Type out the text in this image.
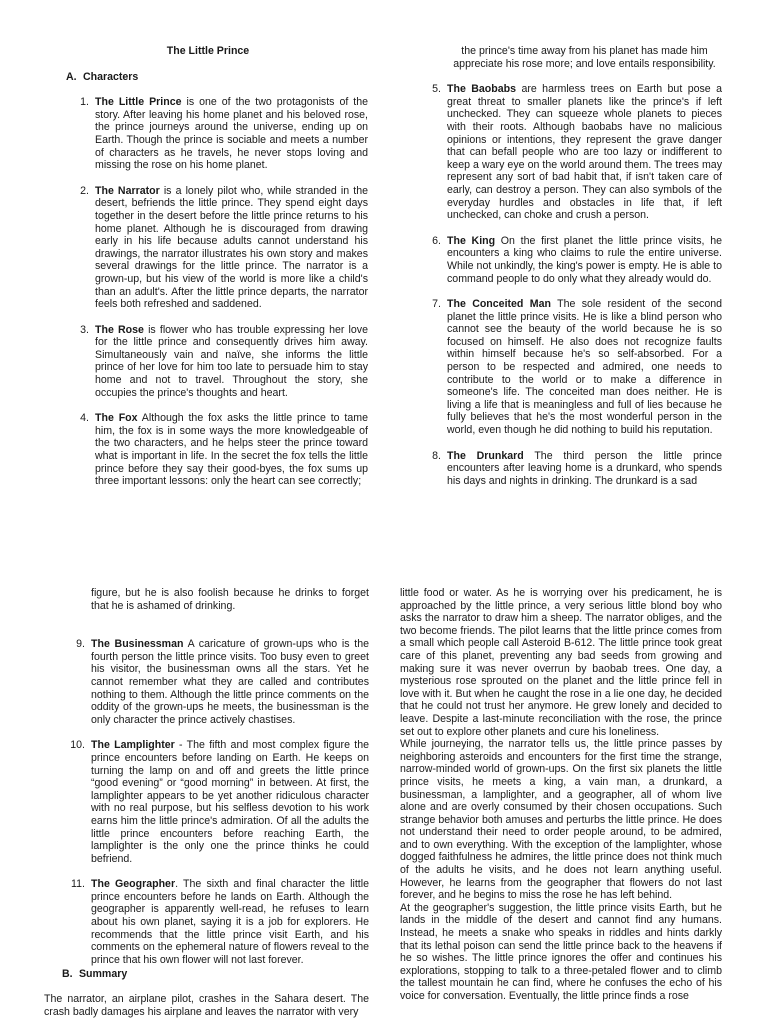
The Little Prince
A. Characters
1. The Little Prince is one of the two protagonists of the story. After leaving his home planet and his beloved rose, the prince journeys around the universe, ending up on Earth. Though the prince is sociable and meets a number of characters as he travels, he never stops loving and missing the rose on his home planet.
2. The Narrator is a lonely pilot who, while stranded in the desert, befriends the little prince. They spend eight days together in the desert before the little prince returns to his home planet. Although he is discouraged from drawing early in his life because adults cannot understand his drawings, the narrator illustrates his own story and makes several drawings for the little prince. The narrator is a grown-up, but his view of the world is more like a child's than an adult's. After the little prince departs, the narrator feels both refreshed and saddened.
3. The Rose is flower who has trouble expressing her love for the little prince and consequently drives him away. Simultaneously vain and naïve, she informs the little prince of her love for him too late to persuade him to stay home and not to travel. Throughout the story, she occupies the prince's thoughts and heart.
4. The Fox Although the fox asks the little prince to tame him, the fox is in some ways the more knowledgeable of the two characters, and he helps steer the prince toward what is important in life. In the secret the fox tells the little prince before they say their good-byes, the fox sums up three important lessons: only the heart can see correctly;
the prince's time away from his planet has made him appreciate his rose more; and love entails responsibility.
5. The Baobabs are harmless trees on Earth but pose a great threat to smaller planets like the prince's if left unchecked. They can squeeze whole planets to pieces with their roots. Although baobabs have no malicious opinions or intentions, they represent the grave danger that can befall people who are too lazy or indifferent to keep a wary eye on the world around them. The trees may represent any sort of bad habit that, if isn't taken care of early, can destroy a person. They can also symbols of the everyday hurdles and obstacles in life that, if left unchecked, can choke and crush a person.
6. The King On the first planet the little prince visits, he encounters a king who claims to rule the entire universe. While not unkindly, the king's power is empty. He is able to command people to do only what they already would do.
7. The Conceited Man The sole resident of the second planet the little prince visits. He is like a blind person who cannot see the beauty of the world because he is so focused on himself. He also does not recognize faults within himself because he's so self-absorbed. For a person to be respected and admired, one needs to contribute to the world or to make a difference in someone's life. The conceited man does neither. He is living a life that is meaningless and full of lies because he fully believes that he's the most wonderful person in the world, even though he did nothing to build his reputation.
8. The Drunkard The third person the little prince encounters after leaving home is a drunkard, who spends his days and nights in drinking. The drunkard is a sad
figure, but he is also foolish because he drinks to forget that he is ashamed of drinking.
9. The Businessman A caricature of grown-ups who is the fourth person the little prince visits. Too busy even to greet his visitor, the businessman owns all the stars. Yet he cannot remember what they are called and contributes nothing to them. Although the little prince comments on the oddity of the grown-ups he meets, the businessman is the only character the prince actively chastises.
10. The Lamplighter - The fifth and most complex figure the prince encounters before landing on Earth. He keeps on turning the lamp on and off and greets the little prince “good evening” or “good morning” in between. At first, the lamplighter appears to be yet another ridiculous character with no real purpose, but his selfless devotion to his work earns him the little prince's admiration. Of all the adults the little prince encounters before reaching Earth, the lamplighter is the only one the prince thinks he could befriend.
11. The Geographer. The sixth and final character the little prince encounters before he lands on Earth. Although the geographer is apparently well-read, he refuses to learn about his own planet, saying it is a job for explorers. He recommends that the little prince visit Earth, and his comments on the ephemeral nature of flowers reveal to the prince that his own flower will not last forever.
B. Summary

The narrator, an airplane pilot, crashes in the Sahara desert. The crash badly damages his airplane and leaves the narrator with very

little food or water. As he is worrying over his predicament, he is approached by the little prince, a very serious little blond boy who asks the narrator to draw him a sheep. The narrator obliges, and the two become friends. The pilot learns that the little prince comes from a small which people call Asteroid B-612. The little prince took great care of this planet, preventing any bad seeds from growing and making sure it was never overrun by baobab trees. One day, a mysterious rose sprouted on the planet and the little prince fell in love with it. But when he caught the rose in a lie one day, he decided that he could not trust her anymore. He grew lonely and decided to leave. Despite a last-minute reconciliation with the rose, the prince set out to explore other planets and cure his loneliness.

While journeying, the narrator tells us, the little prince passes by neighboring asteroids and encounters for the first time the strange, narrow-minded world of grown-ups. On the first six planets the little prince visits, he meets a king, a vain man, a drunkard, a businessman, a lamplighter, and a geographer, all of whom live alone and are overly consumed by their chosen occupations. Such strange behavior both amuses and perturbs the little prince. He does not understand their need to order people around, to be admired, and to own everything. With the exception of the lamplighter, whose dogged faithfulness he admires, the little prince does not think much of the adults he visits, and he does not learn anything useful. However, he learns from the geographer that flowers do not last forever, and he begins to miss the rose he has left behind.

At the geographer's suggestion, the little prince visits Earth, but he lands in the middle of the desert and cannot find any humans. Instead, he meets a snake who speaks in riddles and hints darkly that its lethal poison can send the little prince back to the heavens if he so wishes. The little prince ignores the offer and continues his explorations, stopping to talk to a three-petaled flower and to climb the tallest mountain he can find, where he confuses the echo of his voice for conversation. Eventually, the little prince finds a rose
